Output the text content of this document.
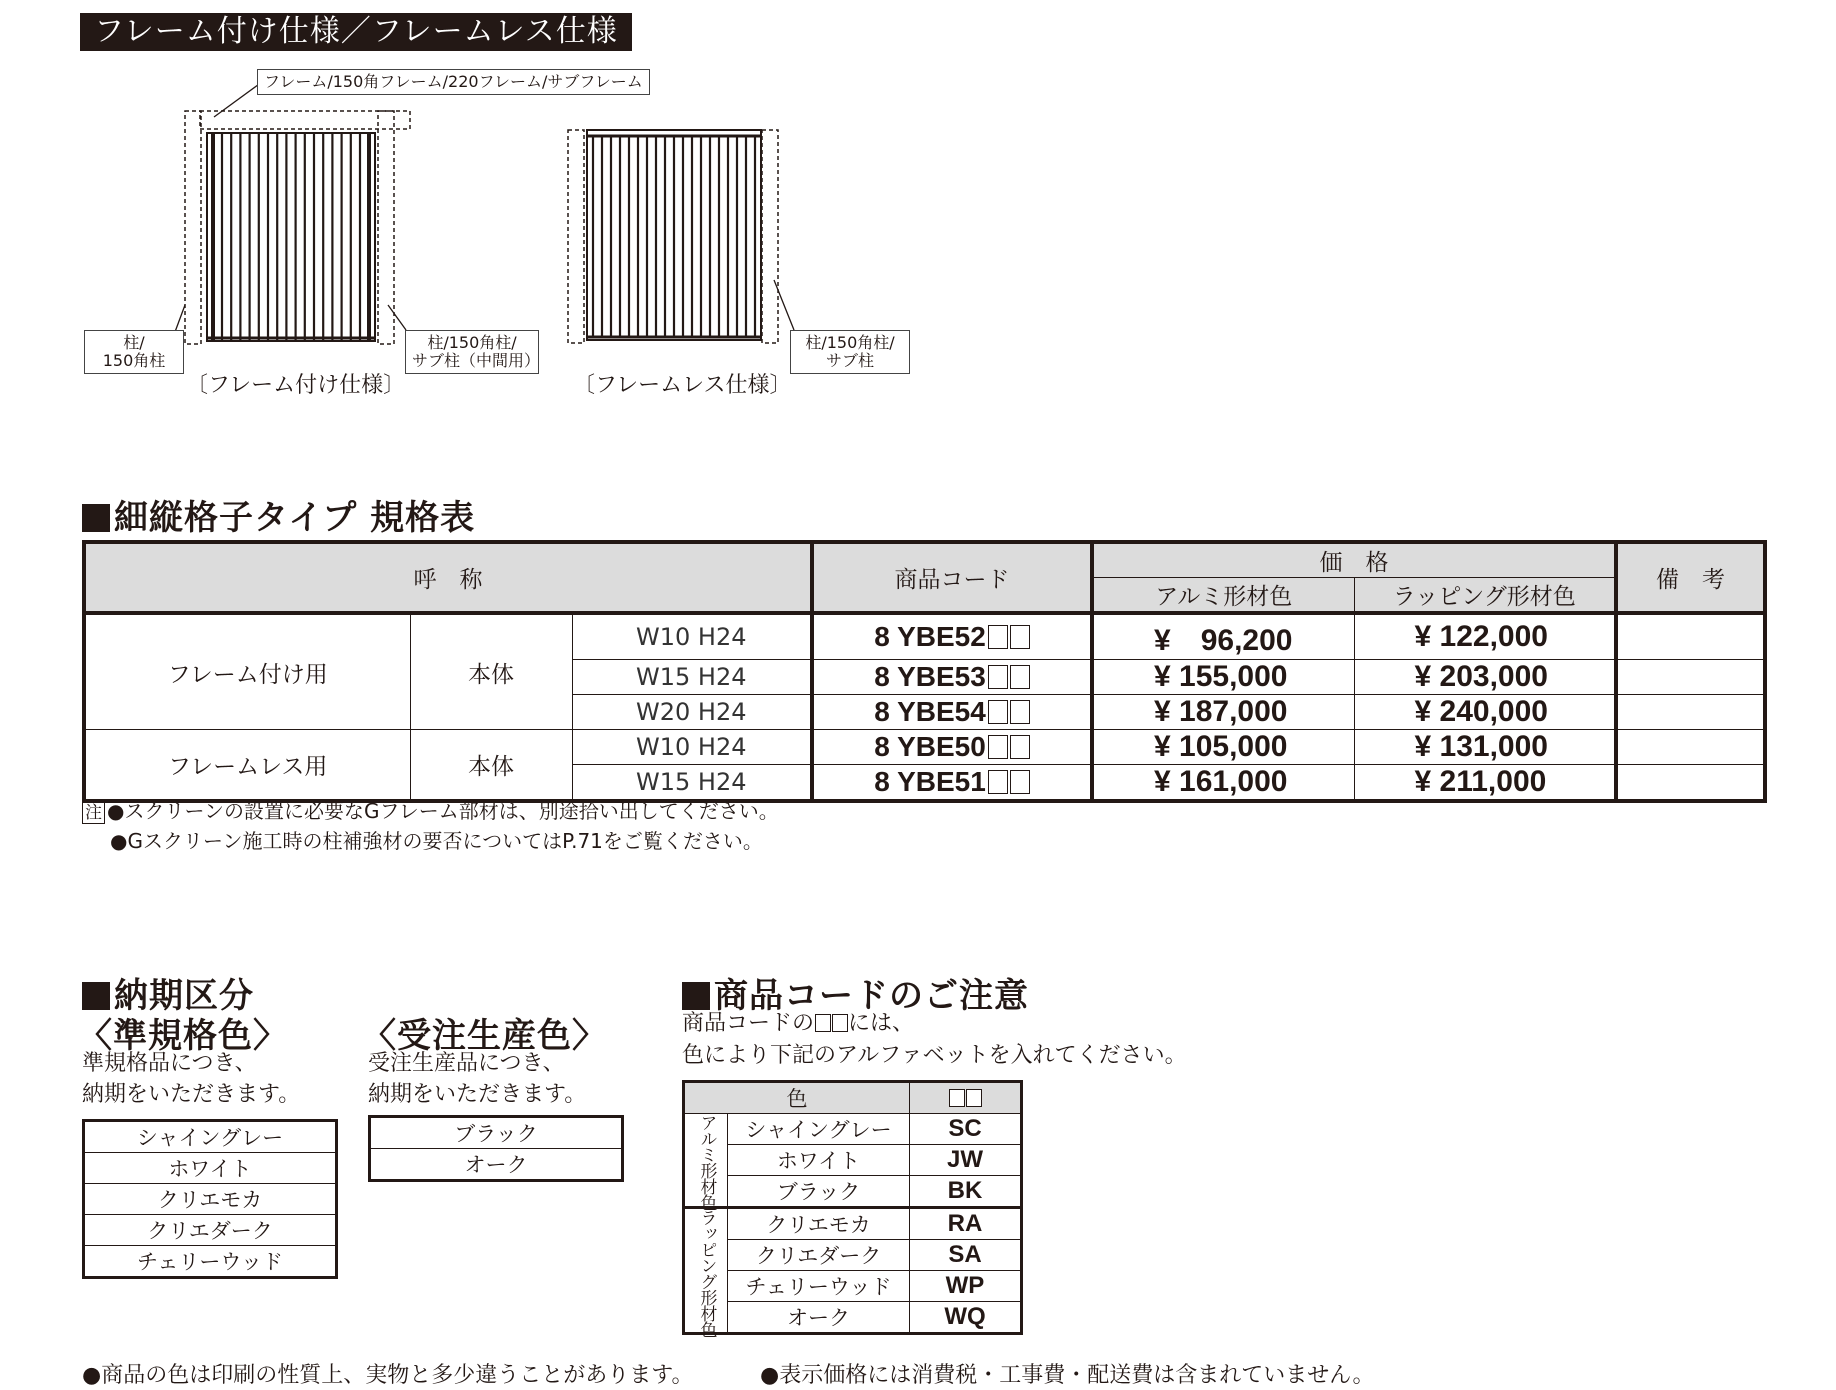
フレーム付け仕様／フレームレス仕様
フレーム/150角フレーム/220フレーム/サブフレーム
柱/
150角柱
柱/150角柱/
サブ柱（中間用）
柱/150角柱/
サブ柱
〔フレーム付け仕様〕	〔フレームレス仕様〕
細縦格子タイプ 規格表
呼　称			商品コード	価　格		備　考
				アルミ形材色	ラッピング形材色	
フレーム付け用	本体	W10 H24	8 YBE52	¥　96,200	¥ 122,000	
		W15 H24	8 YBE53	¥ 155,000	¥ 203,000	
		W20 H24	8 YBE54	¥ 187,000	¥ 240,000	
フレームレス用	本体	W10 H24	8 YBE50	¥ 105,000	¥ 131,000	
		W15 H24	8 YBE51	¥ 161,000	¥ 211,000	
注 ●スクリーンの設置に必要なGフレーム部材は、別途拾い出してください。
●Gスクリーン施工時の柱補強材の要否についてはP.71をご覧ください。
納期区分
〈準規格色〉
準規格品につき、
納期をいただきます。
シャイングレー
ホワイト
クリエモカ
クリエダーク
チェリーウッド
〈受注生産色〉
受注生産品につき、
納期をいただきます。
ブラック
オーク
商品コードのご注意
商品コードの には、
色により下記のアルファベットを入れてください。
色		
アルミ形材色	シャイングレー	SC
	ホワイト	JW
	ブラック	BK
ラッピング形材色	クリエモカ	RA
	クリエダーク	SA
	チェリーウッド	WP
	オーク	WQ
●商品の色は印刷の性質上、実物と多少違うことがあります。	●表示価格には消費税・工事費・配送費は含まれていません。
